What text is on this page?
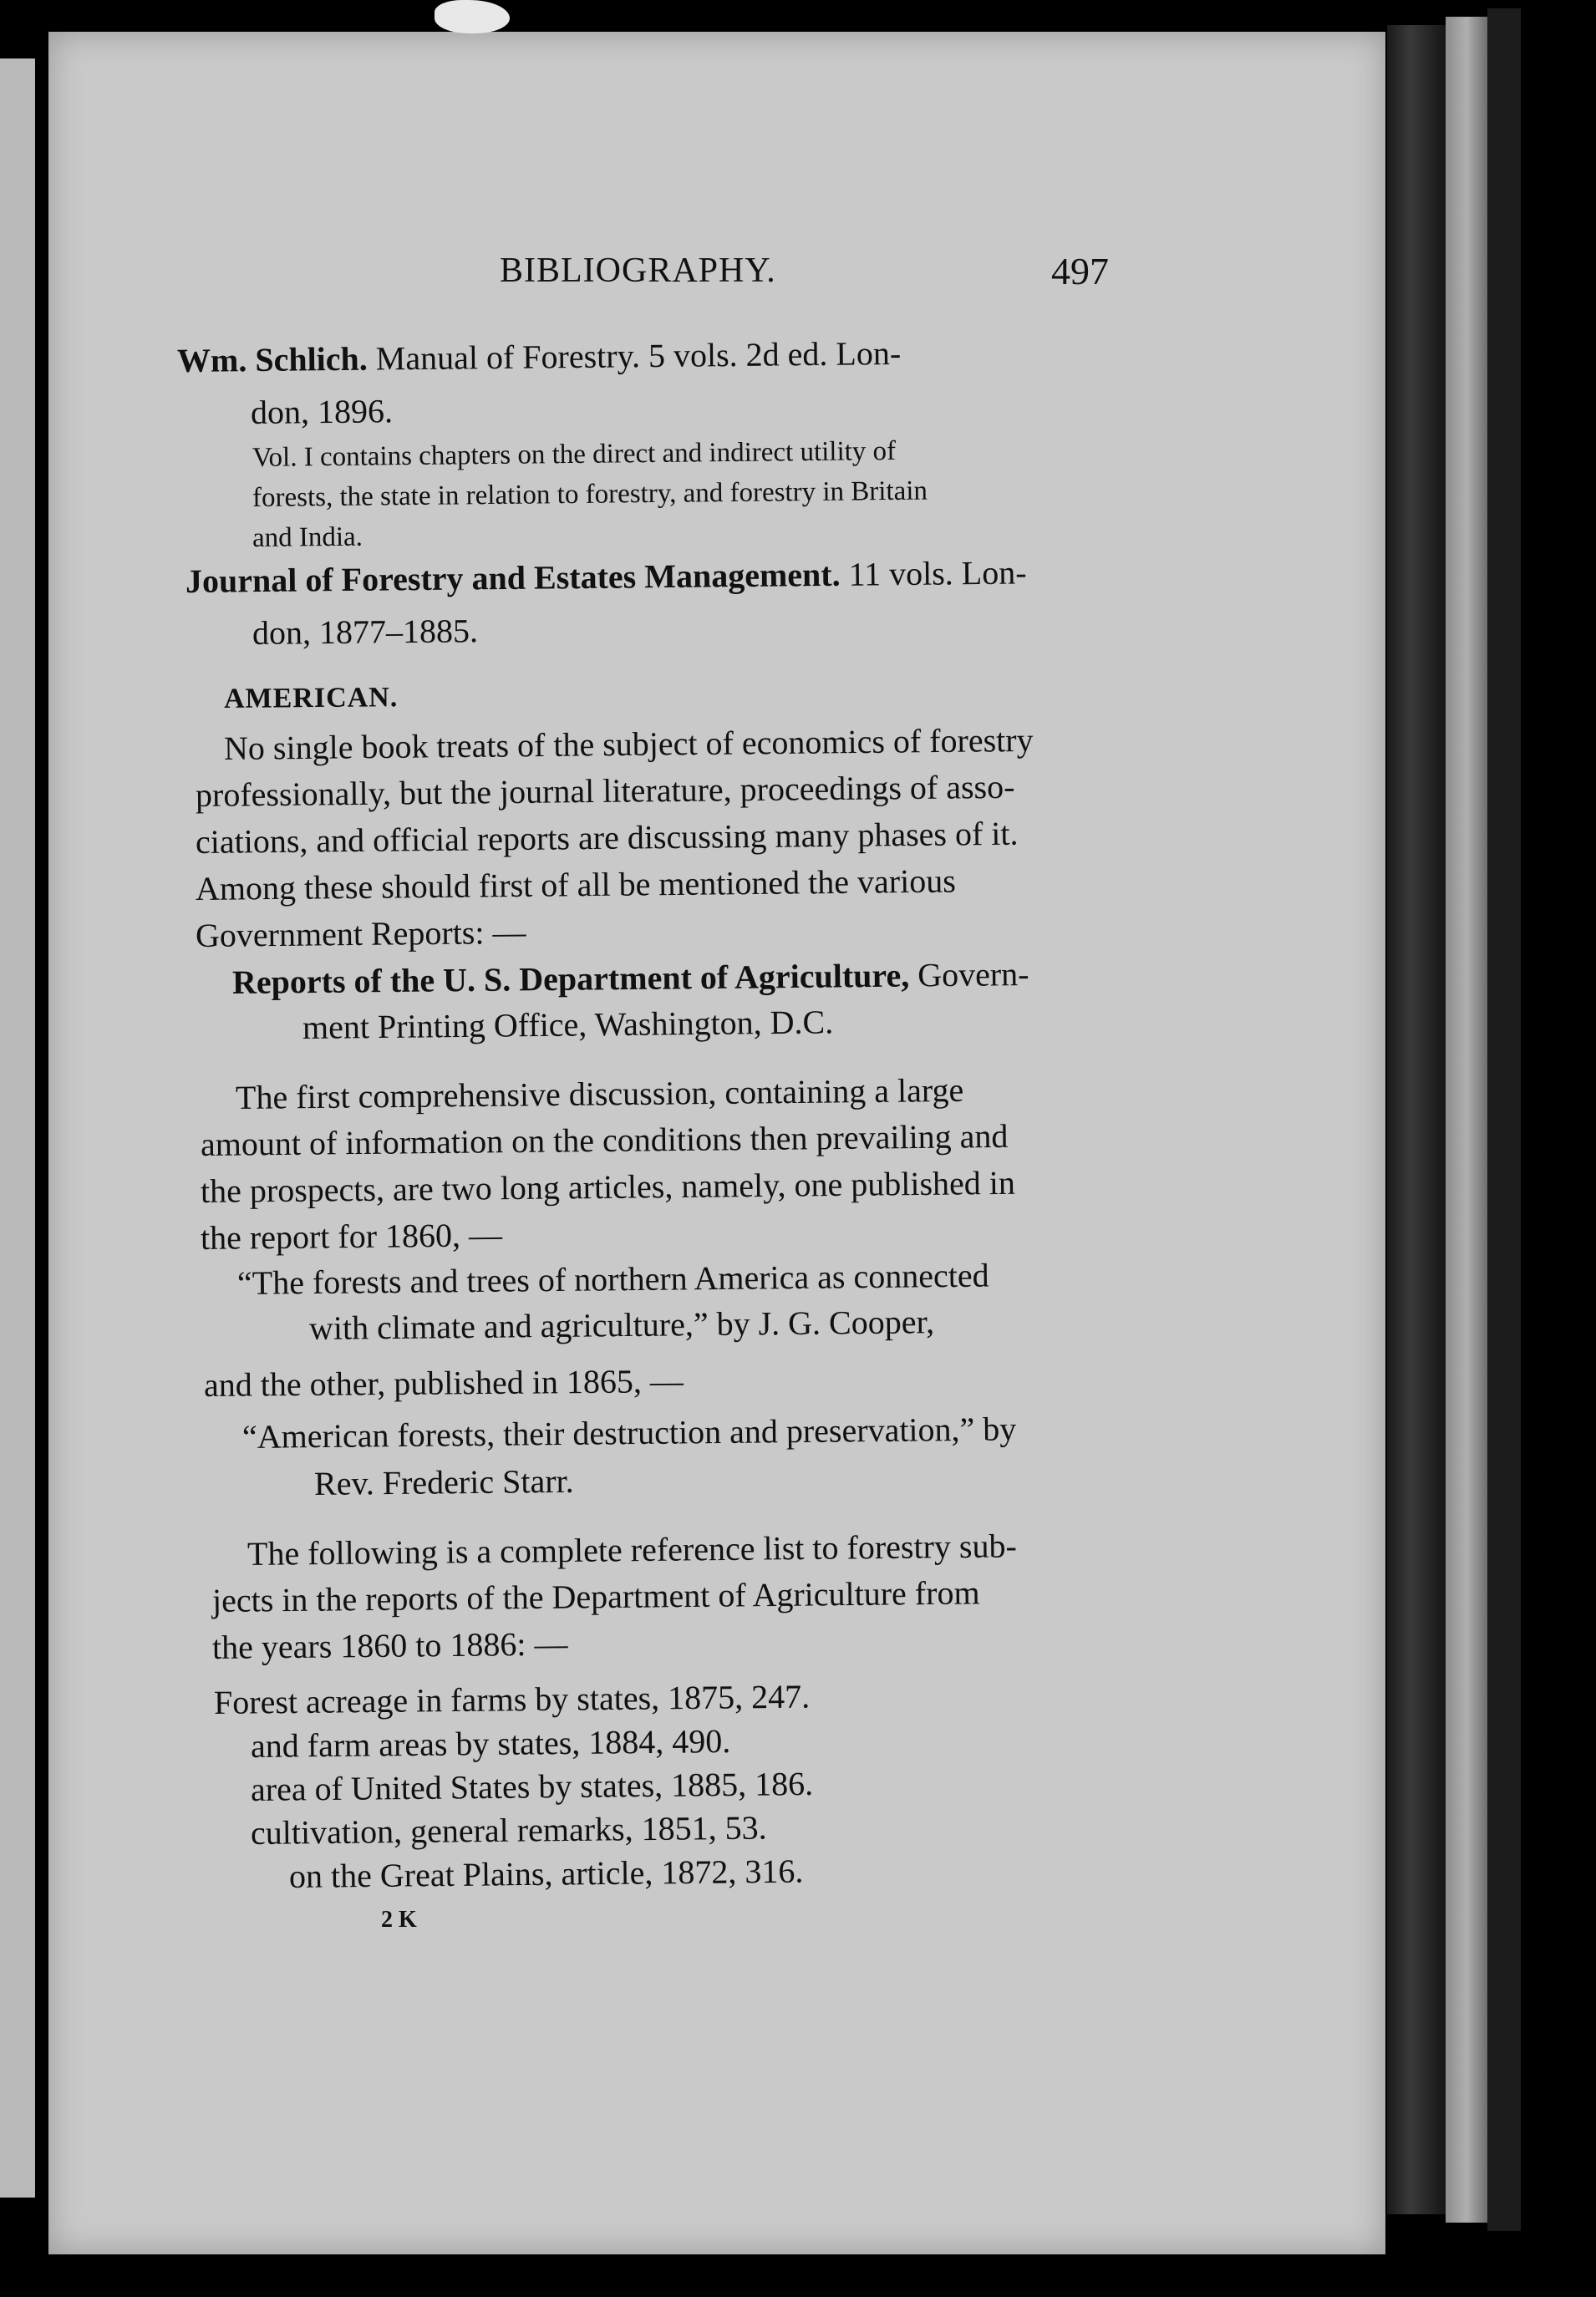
BIBLIOGRAPHY.	497
Wm. Schlich. Manual of Forestry. 5 vols. 2d ed. Lon-
don, 1896.
Vol. I contains chapters on the direct and indirect utility of
forests, the state in relation to forestry, and forestry in Britain
and India.
Journal of Forestry and Estates Management. 11 vols. Lon-
don, 1877–1885.
AMERICAN.
No single book treats of the subject of economics of forestry
professionally, but the journal literature, proceedings of asso-
ciations, and official reports are discussing many phases of it.
Among these should first of all be mentioned the various
Government Reports: —
Reports of the U. S. Department of Agriculture, Govern-
ment Printing Office, Washington, D.C.
The first comprehensive discussion, containing a large
amount of information on the conditions then prevailing and
the prospects, are two long articles, namely, one published in
the report for 1860, —
“The forests and trees of northern America as connected
with climate and agriculture,” by J. G. Cooper,
and the other, published in 1865, —
“American forests, their destruction and preservation,” by
Rev. Frederic Starr.
The following is a complete reference list to forestry sub-
jects in the reports of the Department of Agriculture from
the years 1860 to 1886: —
Forest acreage in farms by states, 1875, 247.
and farm areas by states, 1884, 490.
area of United States by states, 1885, 186.
cultivation, general remarks, 1851, 53.
on the Great Plains, article, 1872, 316.
2 K
